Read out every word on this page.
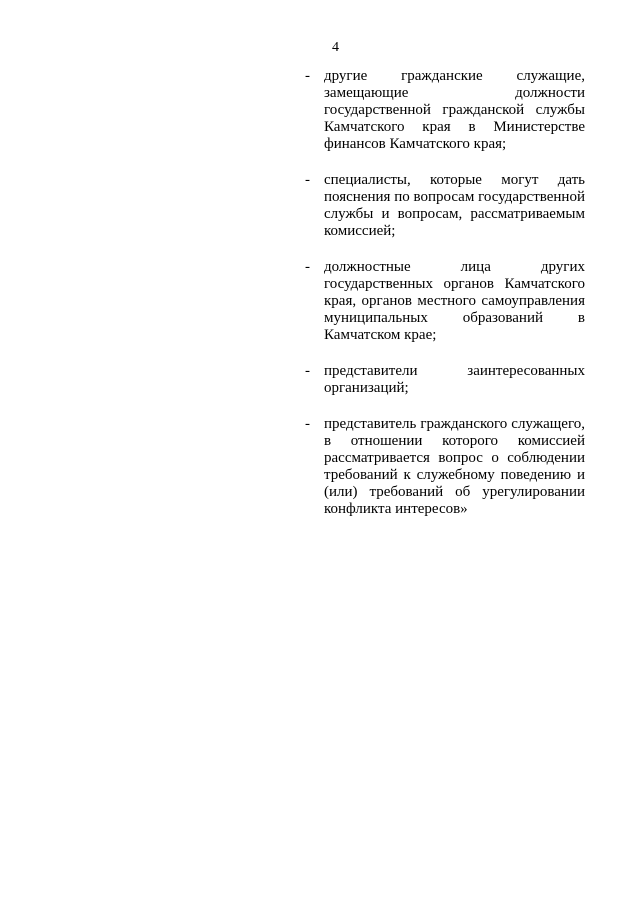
4
- другие гражданские служащие, замещающие должности государственной гражданской службы Камчатского края в Министерстве финансов Камчатского края;
- специалисты, которые могут дать пояснения по вопросам государственной службы и вопросам, рассматриваемым комиссией;
- должностные лица других государственных органов Камчатского края, органов местного самоуправления муниципальных образований в Камчатском крае;
- представители заинтересованных организаций;
- представитель гражданского служащего, в отношении которого комиссией рассматривается вопрос о соблюдении требований к служебному поведению и (или) требований об урегулировании конфликта интересов»
